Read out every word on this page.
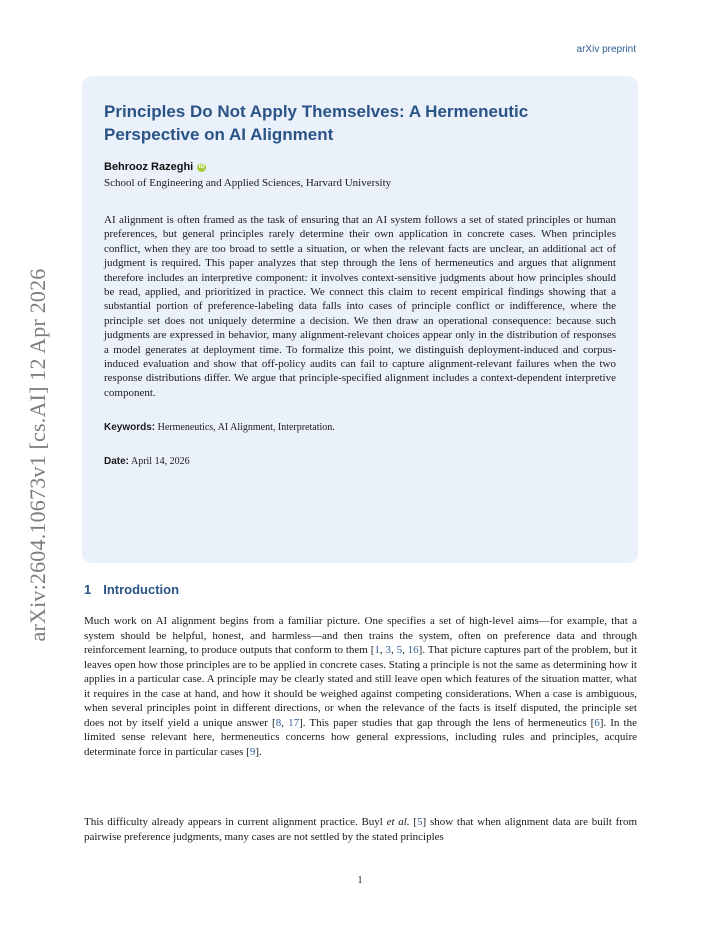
arXiv preprint
arXiv:2604.10673v1 [cs.AI] 12 Apr 2026
Principles Do Not Apply Themselves: A Hermeneutic Perspective on AI Alignment
Behrooz Razeghi iD
School of Engineering and Applied Sciences, Harvard University
AI alignment is often framed as the task of ensuring that an AI system follows a set of stated principles or human preferences, but general principles rarely determine their own application in concrete cases. When principles conflict, when they are too broad to settle a situation, or when the relevant facts are unclear, an additional act of judgment is required. This paper analyzes that step through the lens of hermeneutics and argues that alignment therefore includes an interpretive component: it involves context-sensitive judgments about how principles should be read, applied, and prioritized in practice. We connect this claim to recent empirical findings showing that a substantial portion of preference-labeling data falls into cases of principle conflict or indifference, where the principle set does not uniquely determine a decision. We then draw an operational consequence: because such judgments are expressed in behavior, many alignment-relevant choices appear only in the distribution of responses a model generates at deployment time. To formalize this point, we distinguish deployment-induced and corpus-induced evaluation and show that off-policy audits can fail to capture alignment-relevant failures when the two response distributions differ. We argue that principle-specified alignment includes a context-dependent interpretive component.
Keywords: Hermeneutics, AI Alignment, Interpretation.
Date: April 14, 2026
1 Introduction
Much work on AI alignment begins from a familiar picture. One specifies a set of high-level aims—for example, that a system should be helpful, honest, and harmless—and then trains the system, often on preference data and through reinforcement learning, to produce outputs that conform to them [1, 3, 5, 16]. That picture captures part of the problem, but it leaves open how those principles are to be applied in concrete cases. Stating a principle is not the same as determining how it applies in a particular case. A principle may be clearly stated and still leave open which features of the situation matter, what it requires in the case at hand, and how it should be weighed against competing considerations. When a case is ambiguous, when several principles point in different directions, or when the relevance of the facts is itself disputed, the principle set does not by itself yield a unique answer [8, 17]. This paper studies that gap through the lens of hermeneutics [6]. In the limited sense relevant here, hermeneutics concerns how general expressions, including rules and principles, acquire determinate force in particular cases [9].
This difficulty already appears in current alignment practice. Buyl et al. [5] show that when alignment data are built from pairwise preference judgments, many cases are not settled by the stated principles
1
